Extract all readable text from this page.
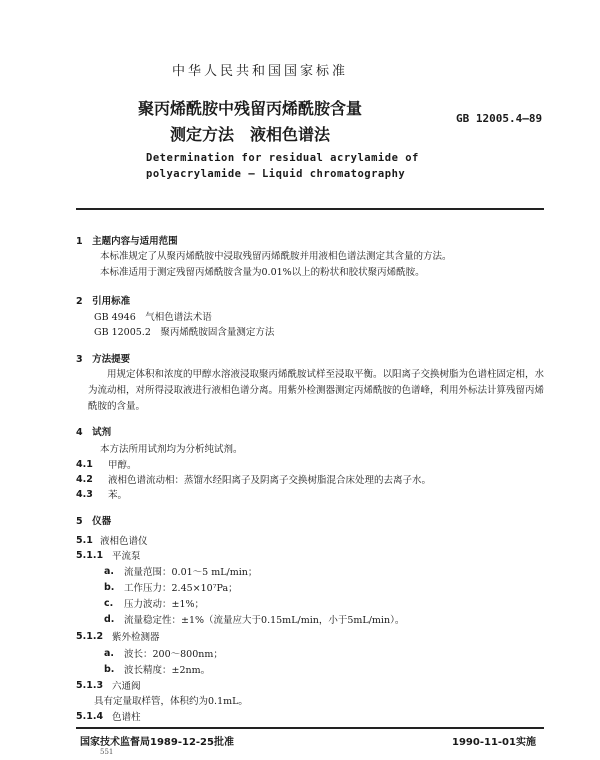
中华人民共和国国家标准
聚丙烯酰胺中残留丙烯酰胺含量
测定方法　液相色谱法
GB 12005.4—89
Determination for residual acrylamide of
polyacrylamide — Liquid chromatography
1　主题内容与适用范围
本标准规定了从聚丙烯酰胺中浸取残留丙烯酰胺并用液相色谱法测定其含量的方法。
本标准适用于测定残留丙烯酰胺含量为0.01%以上的粉状和胶状聚丙烯酰胺。
2　引用标准
GB 4946　气相色谱法术语
GB 12005.2　聚丙烯酰胺固含量测定方法
3　方法提要
用规定体积和浓度的甲醇水溶液浸取聚丙烯酰胺试样至浸取平衡。以阳离子交换树脂为色谱柱固定相，水为流动相，对所得浸取液进行液相色谱分离。用紫外检测器测定丙烯酰胺的色谱峰，利用外标法计算残留丙烯酰胺的含量。
4　试剂
本方法所用试剂均为分析纯试剂。
4.1 甲醇。
4.2 液相色谱流动相：蒸馏水经阳离子及阴离子交换树脂混合床处理的去离子水。
4.3 苯。
5　仪器
5.1 液相色谱仪
5.1.1 平流泵
a. 流量范围：0.01～5 mL/min；
b. 工作压力：2.45×10⁷Pa；
c. 压力波动：±1%；
d. 流量稳定性：±1%（流量应大于0.15mL/min，小于5mL/min）。
5.1.2 紫外检测器
a. 波长：200～800nm；
b. 波长精度：±2nm。
5.1.3 六通阀
具有定量取样管，体积约为0.1mL。
5.1.4 色谱柱
国家技术监督局1989-12-25批准	1990-11-01实施
551
